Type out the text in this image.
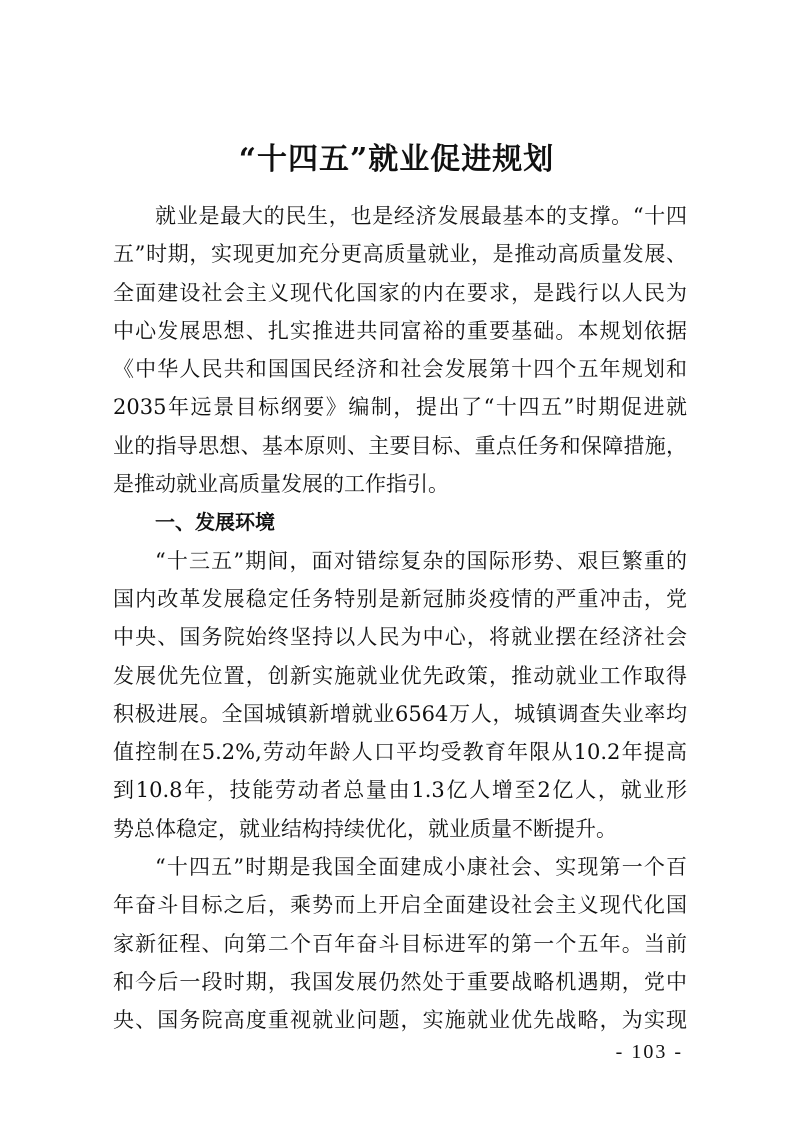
“十四五”就业促进规划
就业是最大的民生，也是经济发展最基本的支撑。“十四
五”时期，实现更加充分更高质量就业，是推动高质量发展、
全面建设社会主义现代化国家的内在要求，是践行以人民为
中心发展思想、扎实推进共同富裕的重要基础。本规划依据
《中华人民共和国国民经济和社会发展第十四个五年规划和
2035年远景目标纲要》编制，提出了“十四五”时期促进就
业的指导思想、基本原则、主要目标、重点任务和保障措施，
是推动就业高质量发展的工作指引。
一、发展环境
“十三五”期间，面对错综复杂的国际形势、艰巨繁重的
国内改革发展稳定任务特别是新冠肺炎疫情的严重冲击，党
中央、国务院始终坚持以人民为中心，将就业摆在经济社会
发展优先位置，创新实施就业优先政策，推动就业工作取得
积极进展。全国城镇新增就业6564万人，城镇调查失业率均
值控制在5.2%,劳动年龄人口平均受教育年限从10.2年提高
到10.8年，技能劳动者总量由1.3亿人增至2亿人，就业形
势总体稳定，就业结构持续优化，就业质量不断提升。
“十四五”时期是我国全面建成小康社会、实现第一个百
年奋斗目标之后，乘势而上开启全面建设社会主义现代化国
家新征程、向第二个百年奋斗目标进军的第一个五年。当前
和今后一段时期，我国发展仍然处于重要战略机遇期，党中
央、国务院高度重视就业问题，实施就业优先战略，为实现
- 103 -
